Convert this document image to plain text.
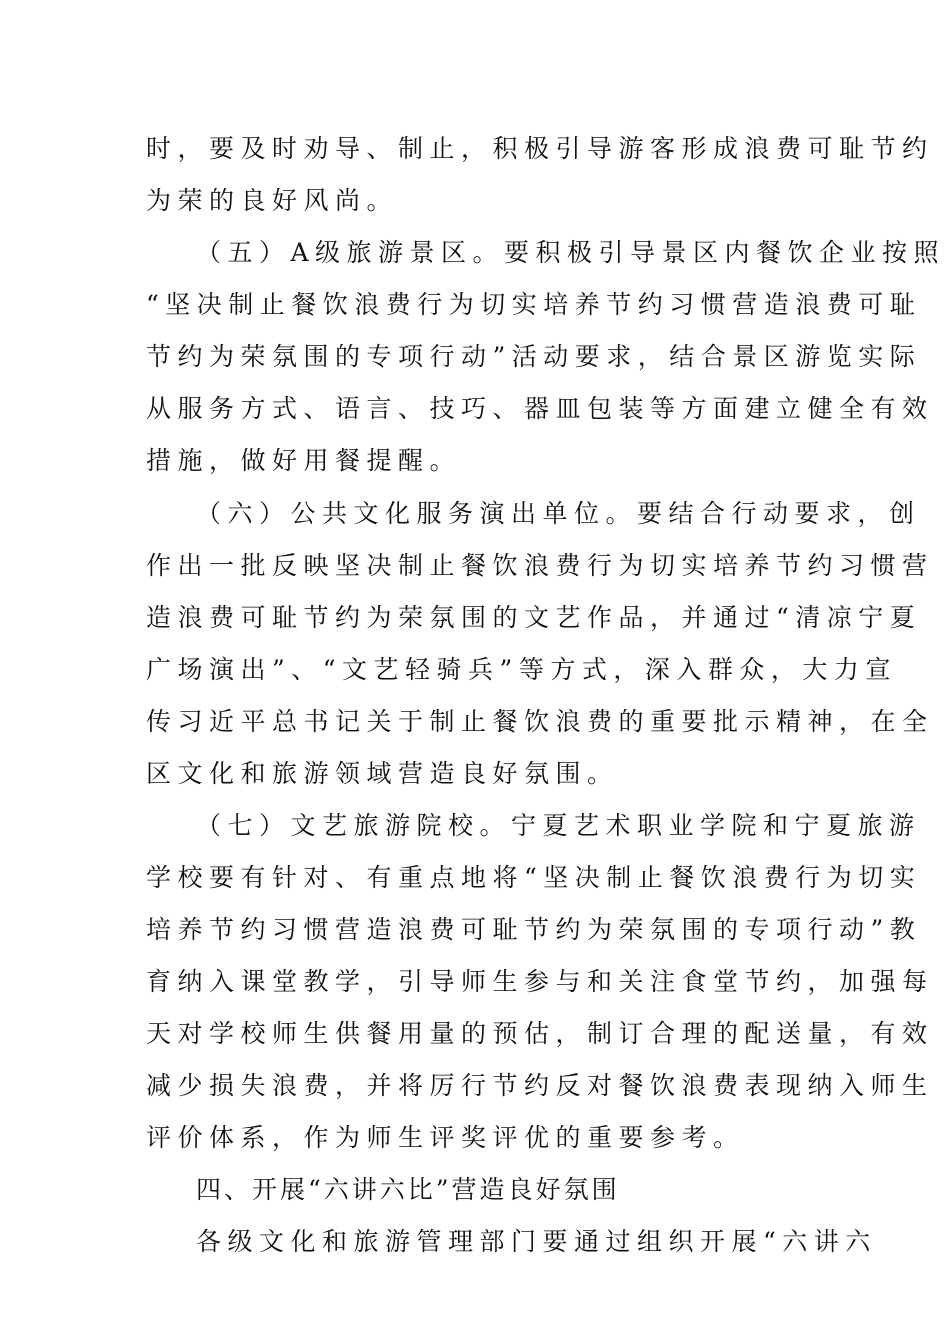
时，要及时劝导、制止，积极引导游客形成浪费可耻节约
为荣的良好风尚。
（五）A级旅游景区。要积极引导景区内餐饮企业按照
“坚决制止餐饮浪费行为切实培养节约习惯营造浪费可耻
节约为荣氛围的专项行动”活动要求，结合景区游览实际
从服务方式、语言、技巧、器皿包装等方面建立健全有效
措施，做好用餐提醒。
（六）公共文化服务演出单位。要结合行动要求，创
作出一批反映坚决制止餐饮浪费行为切实培养节约习惯营
造浪费可耻节约为荣氛围的文艺作品，并通过“清凉宁夏
广场演出”、“文艺轻骑兵”等方式，深入群众，大力宣
传习近平总书记关于制止餐饮浪费的重要批示精神，在全
区文化和旅游领域营造良好氛围。
（七）文艺旅游院校。宁夏艺术职业学院和宁夏旅游
学校要有针对、有重点地将“坚决制止餐饮浪费行为切实
培养节约习惯营造浪费可耻节约为荣氛围的专项行动”教
育纳入课堂教学，引导师生参与和关注食堂节约，加强每
天对学校师生供餐用量的预估，制订合理的配送量，有效
减少损失浪费，并将厉行节约反对餐饮浪费表现纳入师生
评价体系，作为师生评奖评优的重要参考。
四、开展“六讲六比”营造良好氛围
各级文化和旅游管理部门要通过组织开展“六讲六
